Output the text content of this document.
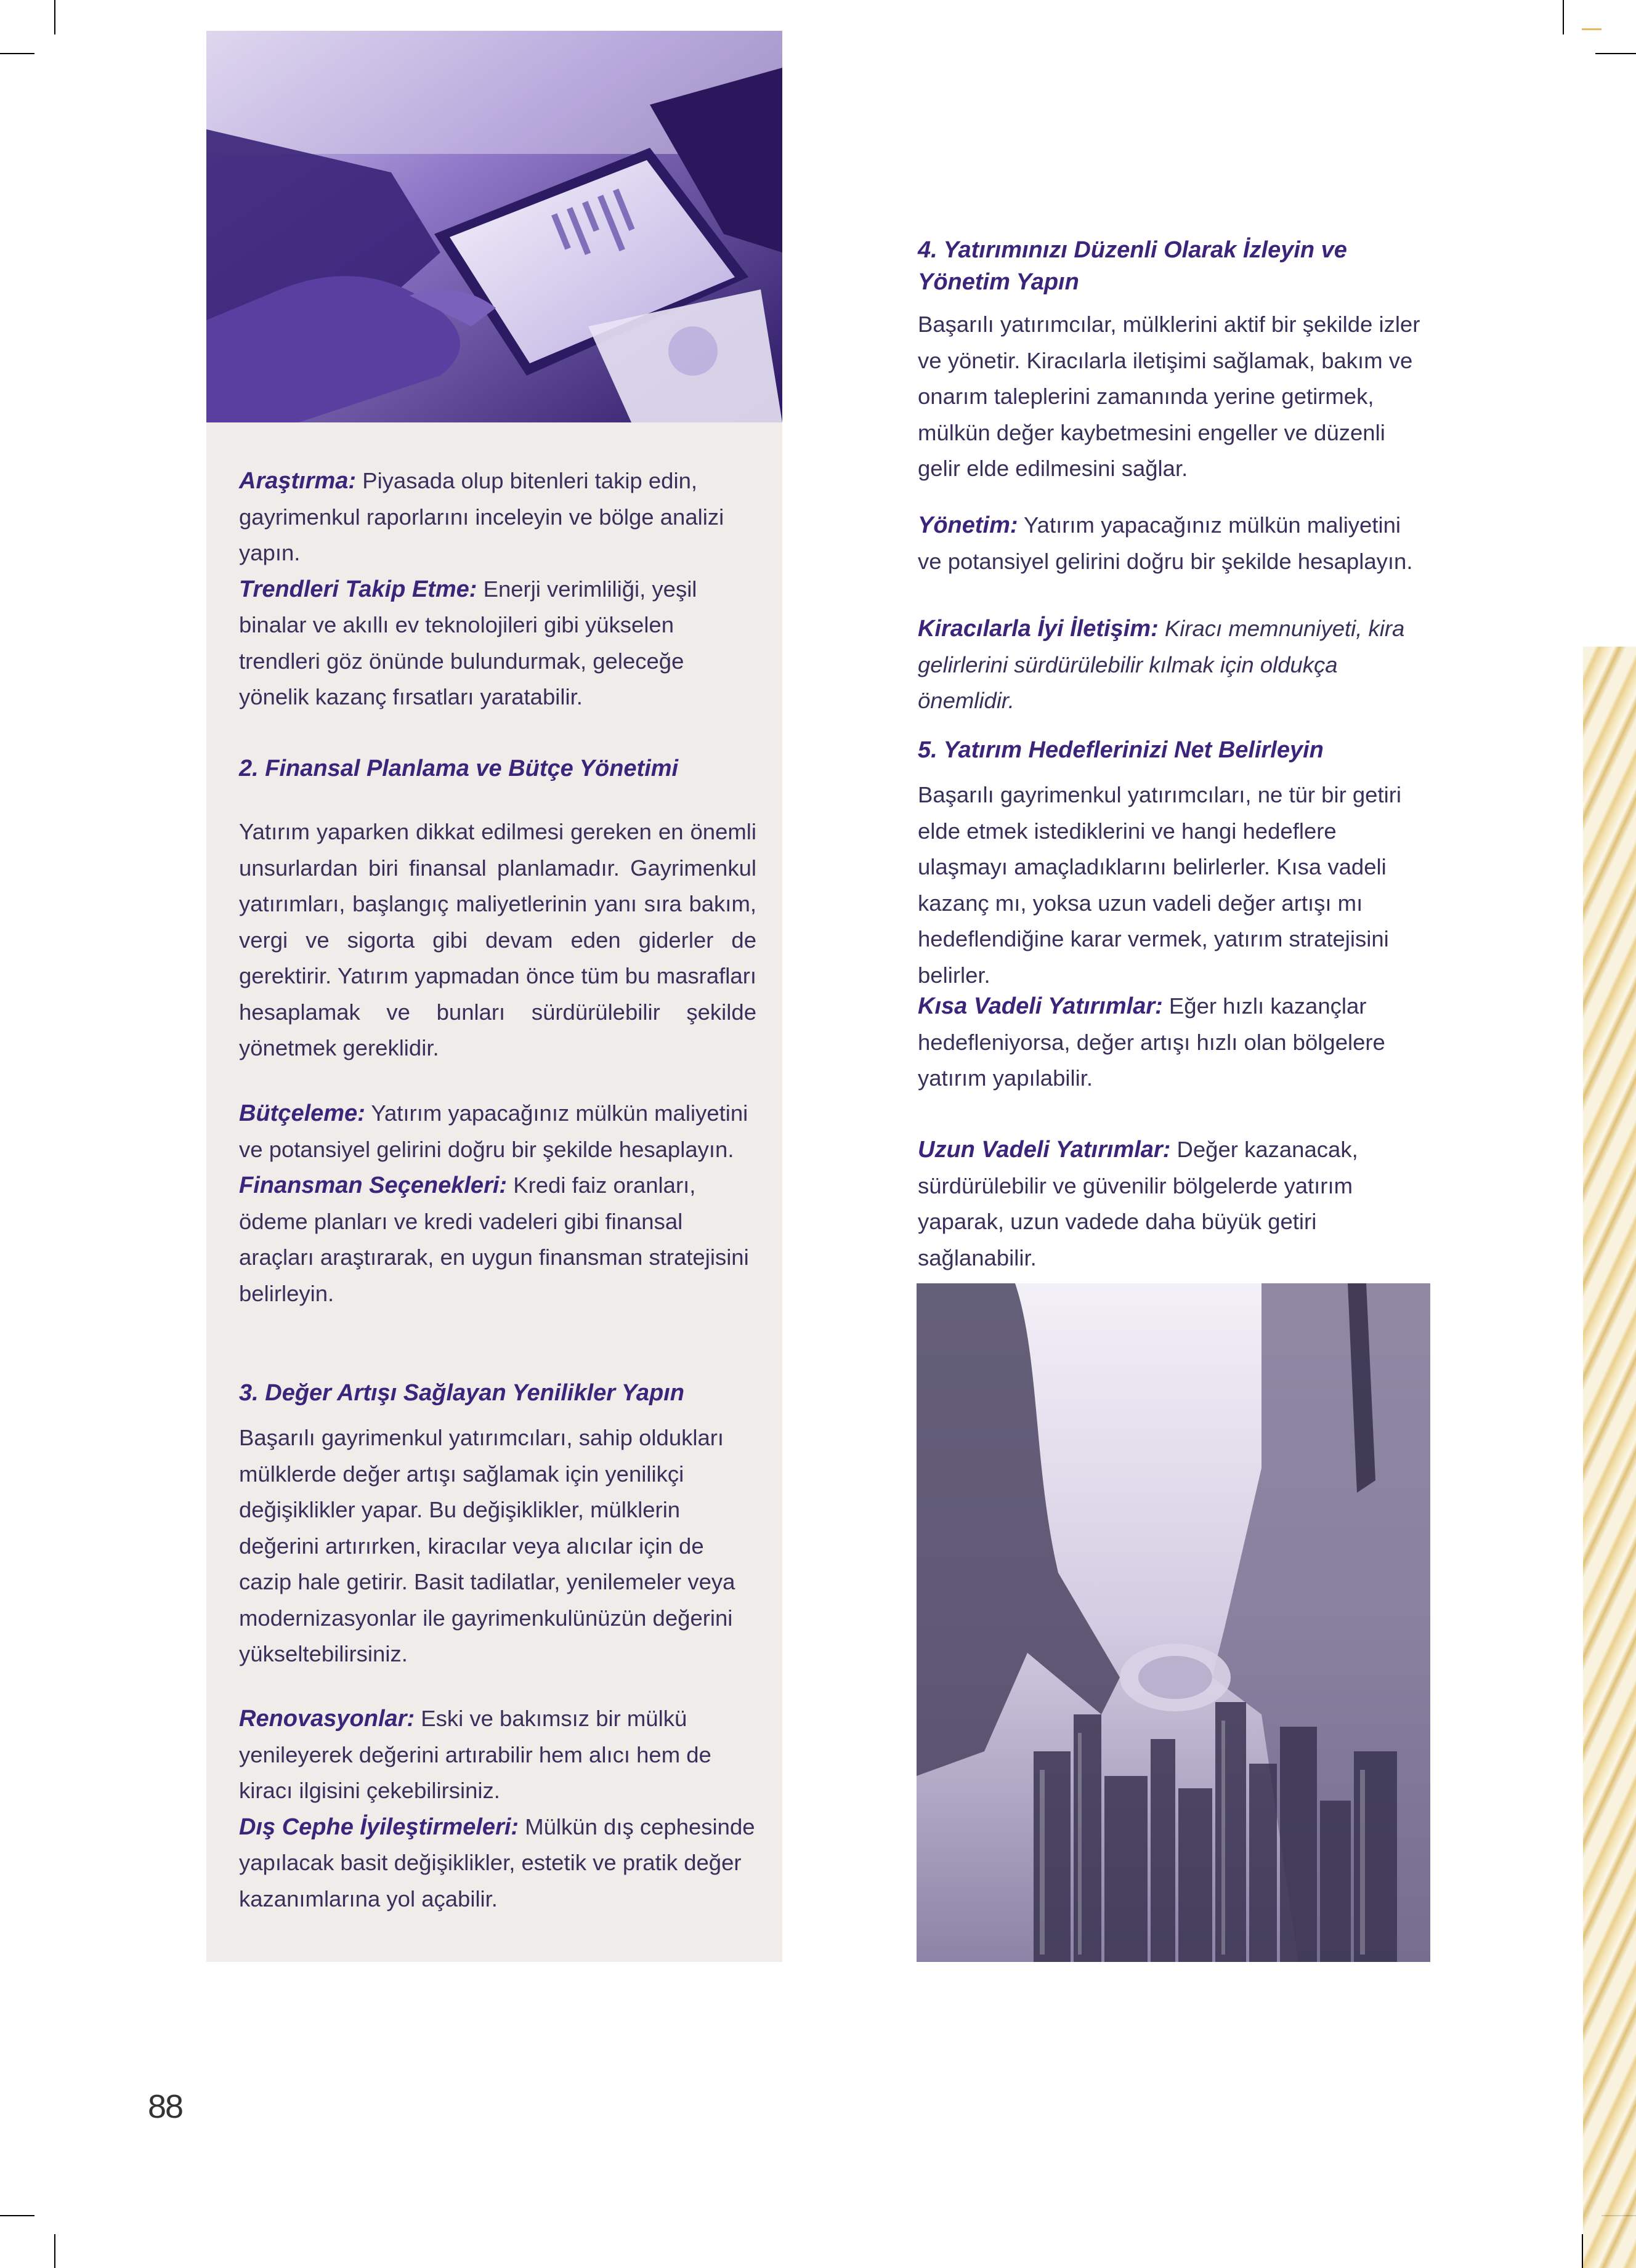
Araştırma: Piyasada olup bitenleri takip edin, gayrimenkul raporlarını inceleyin ve bölge analizi yapın.

Trendleri Takip Etme: Enerji verimliliği, yeşil binalar ve akıllı ev teknolojileri gibi yükselen trendleri göz önünde bulundurmak, geleceğe yönelik kazanç fırsatları yaratabilir.

2. Finansal Planlama ve Bütçe Yönetimi
Yatırım yaparken dikkat edilmesi gereken en önemli unsurlardan biri finansal planlamadır. Gayrimenkul yatırımları, başlangıç maliyetlerinin yanı sıra bakım, vergi ve sigorta gibi devam eden giderler de gerektirir. Yatırım yapmadan önce tüm bu masrafları hesaplamak ve bunları sürdürülebilir şekilde yönetmek gereklidir.

Bütçeleme: Yatırım yapacağınız mülkün maliyetini ve potansiyel gelirini doğru bir şekilde hesaplayın.

Finansman Seçenekleri: Kredi faiz oranları, ödeme planları ve kredi vadeleri gibi finansal araçları araştırarak, en uygun finansman stratejisini belirleyin.

3. Değer Artışı Sağlayan Yenilikler Yapın
Başarılı gayrimenkul yatırımcıları, sahip oldukları mülklerde değer artışı sağlamak için yenilikçi değişiklikler yapar. Bu değişiklikler, mülklerin değerini artırırken, kiracılar veya alıcılar için de cazip hale getirir. Basit tadilatlar, yenilemeler veya modernizasyonlar ile gayrimenkulünüzün değerini yükseltebilirsiniz.

Renovasyonlar: Eski ve bakımsız bir mülkü yenileyerek değerini artırabilir hem alıcı hem de kiracı ilgisini çekebilirsiniz.

Dış Cephe İyileştirmeleri: Mülkün dış cephesinde yapılacak basit değişiklikler, estetik ve pratik değer kazanımlarına yol açabilir.

4. Yatırımınızı Düzenli Olarak İzleyin ve Yönetim Yapın
Başarılı yatırımcılar, mülklerini aktif bir şekilde izler ve yönetir. Kiracılarla iletişimi sağlamak, bakım ve onarım taleplerini zamanında yerine getirmek, mülkün değer kaybetmesini engeller ve düzenli gelir elde edilmesini sağlar.

Yönetim: Yatırım yapacağınız mülkün maliyetini ve potansiyel gelirini doğru bir şekilde hesaplayın.

Kiracılarla İyi İletişim: Kiracı memnuniyeti, kira gelirlerini sürdürülebilir kılmak için oldukça önemlidir.

5. Yatırım Hedeflerinizi Net Belirleyin
Başarılı gayrimenkul yatırımcıları, ne tür bir getiri elde etmek istediklerini ve hangi hedeflere ulaşmayı amaçladıklarını belirlerler. Kısa vadeli kazanç mı, yoksa uzun vadeli değer artışı mı hedeflendiğine karar vermek, yatırım stratejisini belirler.

Kısa Vadeli Yatırımlar: Eğer hızlı kazançlar hedefleniyorsa, değer artışı hızlı olan bölgelere yatırım yapılabilir.

Uzun Vadeli Yatırımlar: Değer kazanacak, sürdürülebilir ve güvenilir bölgelerde yatırım yaparak, uzun vadede daha büyük getiri sağlanabilir.

88
